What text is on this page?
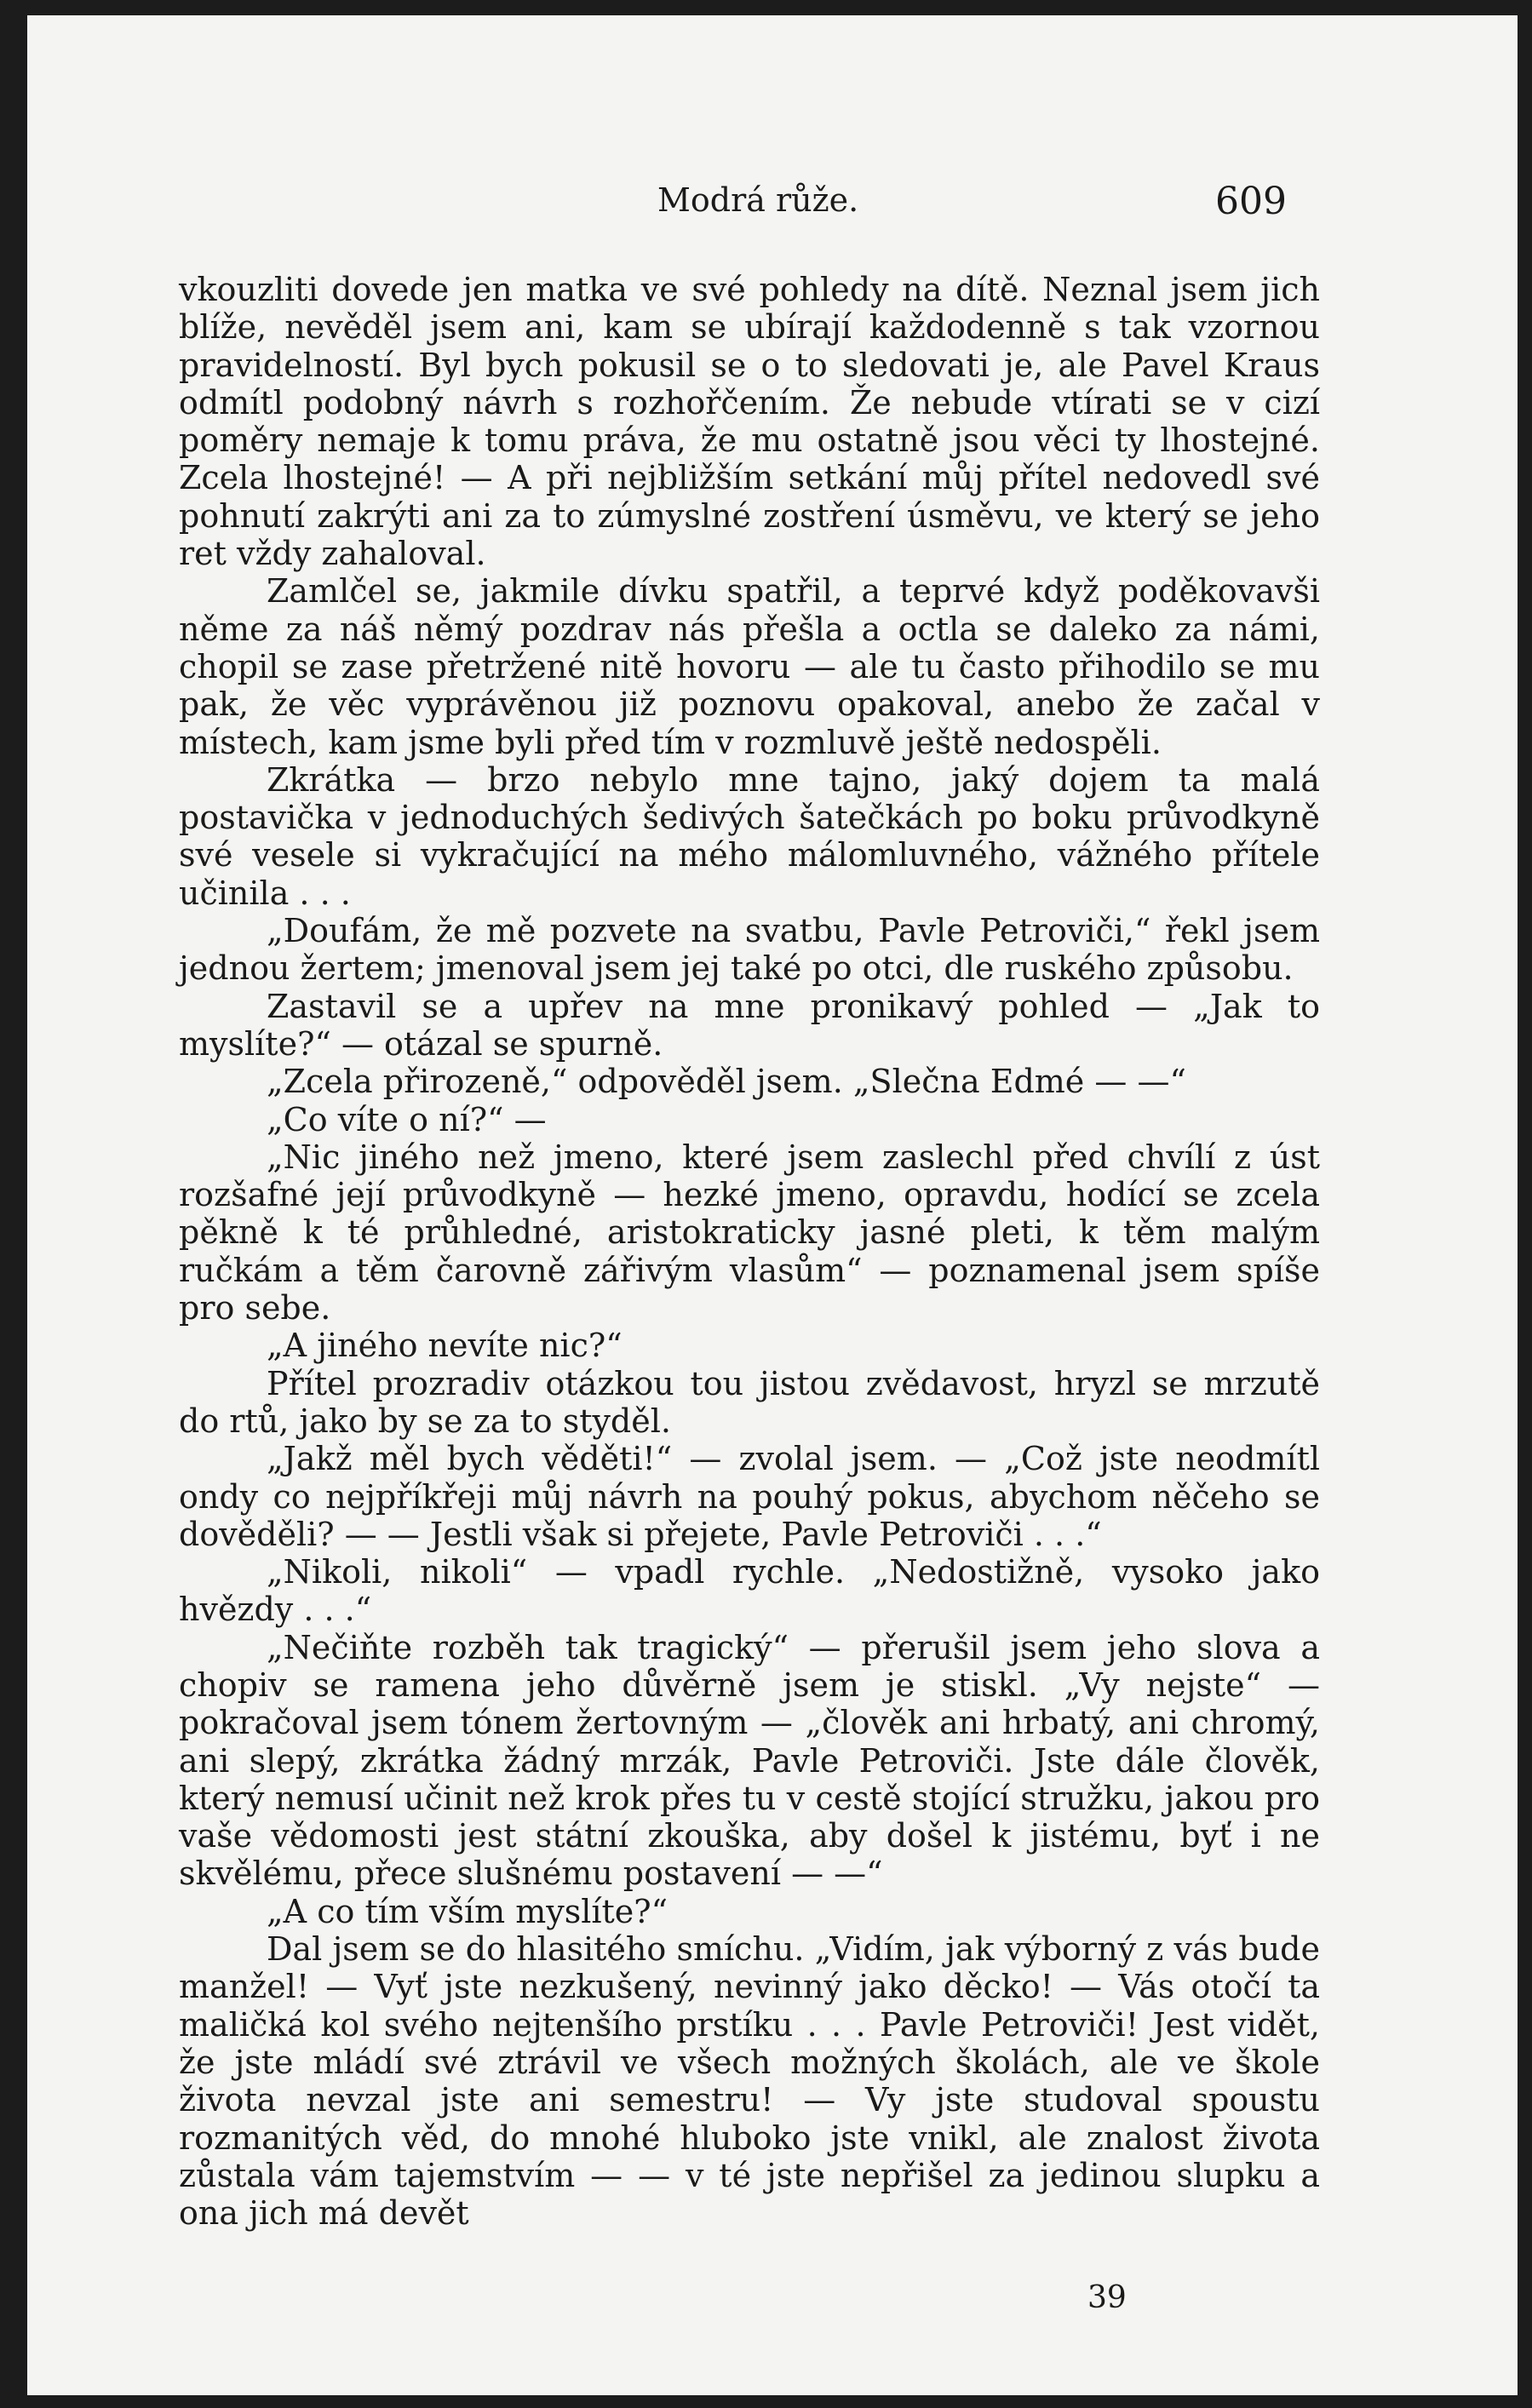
Modrá růže.	609

vkouzliti dovede jen matka ve své pohledy na dítě. Neznal jsem jich blíže, nevěděl jsem ani, kam se ubírají každodenně s tak vzornou pravidelností. Byl bych pokusil se o to sledovati je, ale Pavel Kraus odmítl podobný návrh s rozhořčením. Že nebude vtírati se v cizí poměry nemaje k tomu práva, že mu ostatně jsou věci ty lhostejné. Zcela lhostejné! — A při nejbližším setkání můj přítel nedovedl své pohnutí zakrýti ani za to zúmyslné zostření úsměvu, ve který se jeho ret vždy zahaloval.

Zamlčel se, jakmile dívku spatřil, a teprvé když poděkovavši něme za náš němý pozdrav nás přešla a octla se daleko za námi, chopil se zase přetržené nitě hovoru — ale tu často přihodilo se mu pak, že věc vyprávěnou již poznovu opakoval, anebo že začal v místech, kam jsme byli před tím v rozmluvě ještě nedospěli.

Zkrátka — brzo nebylo mne tajno, jaký dojem ta malá postavička v jednoduchých šedivých šatečkách po boku průvodkyně své vesele si vykračující na mého málomluvného, vážného přítele učinila . . .

„Doufám, že mě pozvete na svatbu, Pavle Petroviči,“ řekl jsem jednou žertem; jmenoval jsem jej také po otci, dle ruského způsobu.

Zastavil se a upřev na mne pronikavý pohled — „Jak to myslíte?“ — otázal se spurně.

„Zcela přirozeně,“ odpověděl jsem. „Slečna Edmé — —“

„Co víte o ní?“ —

„Nic jiného než jmeno, které jsem zaslechl před chvílí z úst rozšafné její průvodkyně — hezké jmeno, opravdu, hodící se zcela pěkně k té průhledné, aristokraticky jasné pleti, k těm malým ručkám a těm čarovně zářivým vlasům“ — poznamenal jsem spíše pro sebe.

„A jiného nevíte nic?“

Přítel prozradiv otázkou tou jistou zvědavost, hryzl se mrzutě do rtů, jako by se za to styděl.

„Jakž měl bych věděti!“ — zvolal jsem. — „Což jste neodmítl ondy co nejpříkřeji můj návrh na pouhý pokus, abychom něčeho se dověděli? — — Jestli však si přejete, Pavle Petroviči . . .“

„Nikoli, nikoli“ — vpadl rychle. „Nedostižně, vysoko jako hvězdy . . .“

„Nečiňte rozběh tak tragický“ — přerušil jsem jeho slova a chopiv se ramena jeho důvěrně jsem je stiskl. „Vy nejste“ — pokračoval jsem tónem žertovným — „člověk ani hrbatý, ani chromý, ani slepý, zkrátka žádný mrzák, Pavle Petroviči. Jste dále člověk, který nemusí učinit než krok přes tu v cestě stojící stružku, jakou pro vaše vědomosti jest státní zkouška, aby došel k jistému, byť i ne skvělému, přece slušnému postavení — —“

„A co tím vším myslíte?“

Dal jsem se do hlasitého smíchu. „Vidím, jak výborný z vás bude manžel! — Vyť jste nezkušený, nevinný jako děcko! — Vás otočí ta maličká kol svého nejtenšího prstíku . . . Pavle Petroviči! Jest vidět, že jste mládí své ztrávil ve všech možných školách, ale ve škole života nevzal jste ani semestru! — Vy jste studoval spoustu rozmanitých věd, do mnohé hluboko jste vnikl, ale znalost života zůstala vám tajemstvím — — v té jste nepřišel za jedinou slupku a ona jich má devět

39
